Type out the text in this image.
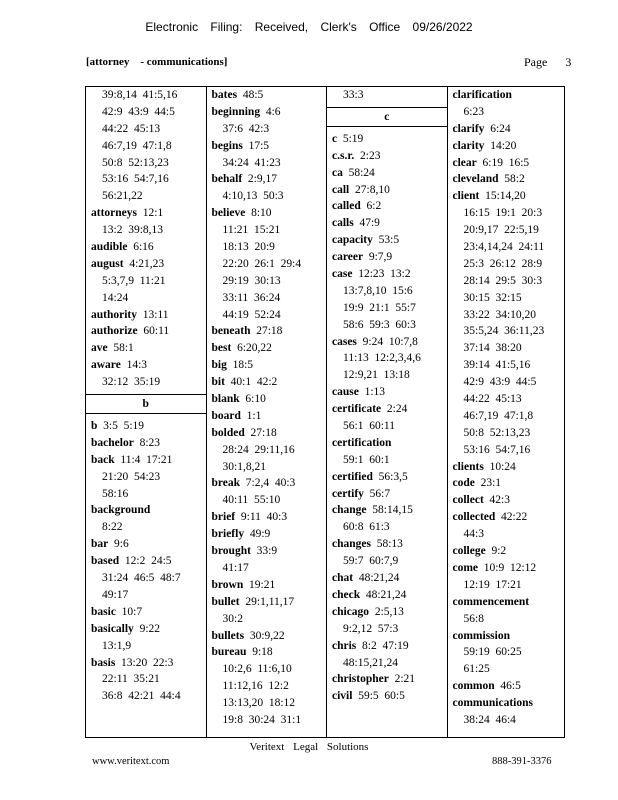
Electronic Filing: Received, Clerk's Office 09/26/2022
[attorney    - communications]	Page  3
39:8,14  41:5,16
42:9  43:9  44:5
44:22  45:13
46:7,19  47:1,8
50:8  52:13,23
53:16  54:7,16
56:21,22
attorneys 12:1
13:2  39:8,13
audible 6:16
august 4:21,23
5:3,7,9  11:21
14:24
authority 13:11
authorize 60:11
ave 58:1
aware 14:3
32:12  35:19
b
b 3:5  5:19
bachelor 8:23
back 11:4  17:21
21:20  54:23
58:16
background
8:22
bar 9:6
based 12:2  24:5
31:24  46:5  48:7
49:17
basic 10:7
basically 9:22
13:1,9
basis 13:20  22:3
22:11  35:21
36:8  42:21  44:4
bates 48:5
beginning 4:6
37:6  42:3
begins 17:5
34:24  41:23
behalf 2:9,17
4:10,13  50:3
believe 8:10
11:21  15:21
18:13  20:9
22:20  26:1  29:4
29:19  30:13
33:11  36:24
44:19  52:24
beneath 27:18
best 6:20,22
big 18:5
bit 40:1  42:2
blank 6:10
board 1:1
bolded 27:18
28:24  29:11,16
30:1,8,21
break 7:2,4  40:3
40:11  55:10
brief 9:11  40:3
briefly 49:9
brought 33:9
41:17
brown 19:21
bullet 29:1,11,17
30:2
bullets 30:9,22
bureau 9:18
10:2,6  11:6,10
11:12,16  12:2
13:13,20  18:12
19:8  30:24  31:1
33:3
c
c 5:19
c.s.r. 2:23
ca 58:24
call 27:8,10
called 6:2
calls 47:9
capacity 53:5
career 9:7,9
case 12:23  13:2
13:7,8,10  15:6
19:9  21:1  55:7
58:6  59:3  60:3
cases 9:24  10:7,8
11:13  12:2,3,4,6
12:9,21  13:18
cause 1:13
certificate 2:24
56:1  60:11
certification
59:1  60:1
certified 56:3,5
certify 56:7
change 58:14,15
60:8  61:3
changes 58:13
59:7  60:7,9
chat 48:21,24
check 48:21,24
chicago 2:5,13
9:2,12  57:3
chris 8:2  47:19
48:15,21,24
christopher 2:21
civil 59:5  60:5
clarification
6:23
clarify 6:24
clarity 14:20
clear 6:19  16:5
cleveland 58:2
client 15:14,20
16:15  19:1  20:3
20:9,17  22:5,19
23:4,14,24  24:11
25:3  26:12  28:9
28:14  29:5  30:3
30:15  32:15
33:22  34:10,20
35:5,24  36:11,23
37:14  38:20
39:14  41:5,16
42:9  43:9  44:5
44:22  45:13
46:7,19  47:1,8
50:8  52:13,23
53:16  54:7,16
clients 10:24
code 23:1
collect 42:3
collected 42:22
44:3
college 9:2
come 10:9  12:12
12:19  17:21
commencement
56:8
commission
59:19  60:25
61:25
common 46:5
communications
38:24  46:4
Veritext Legal Solutions
www.veritext.com	888-391-3376
